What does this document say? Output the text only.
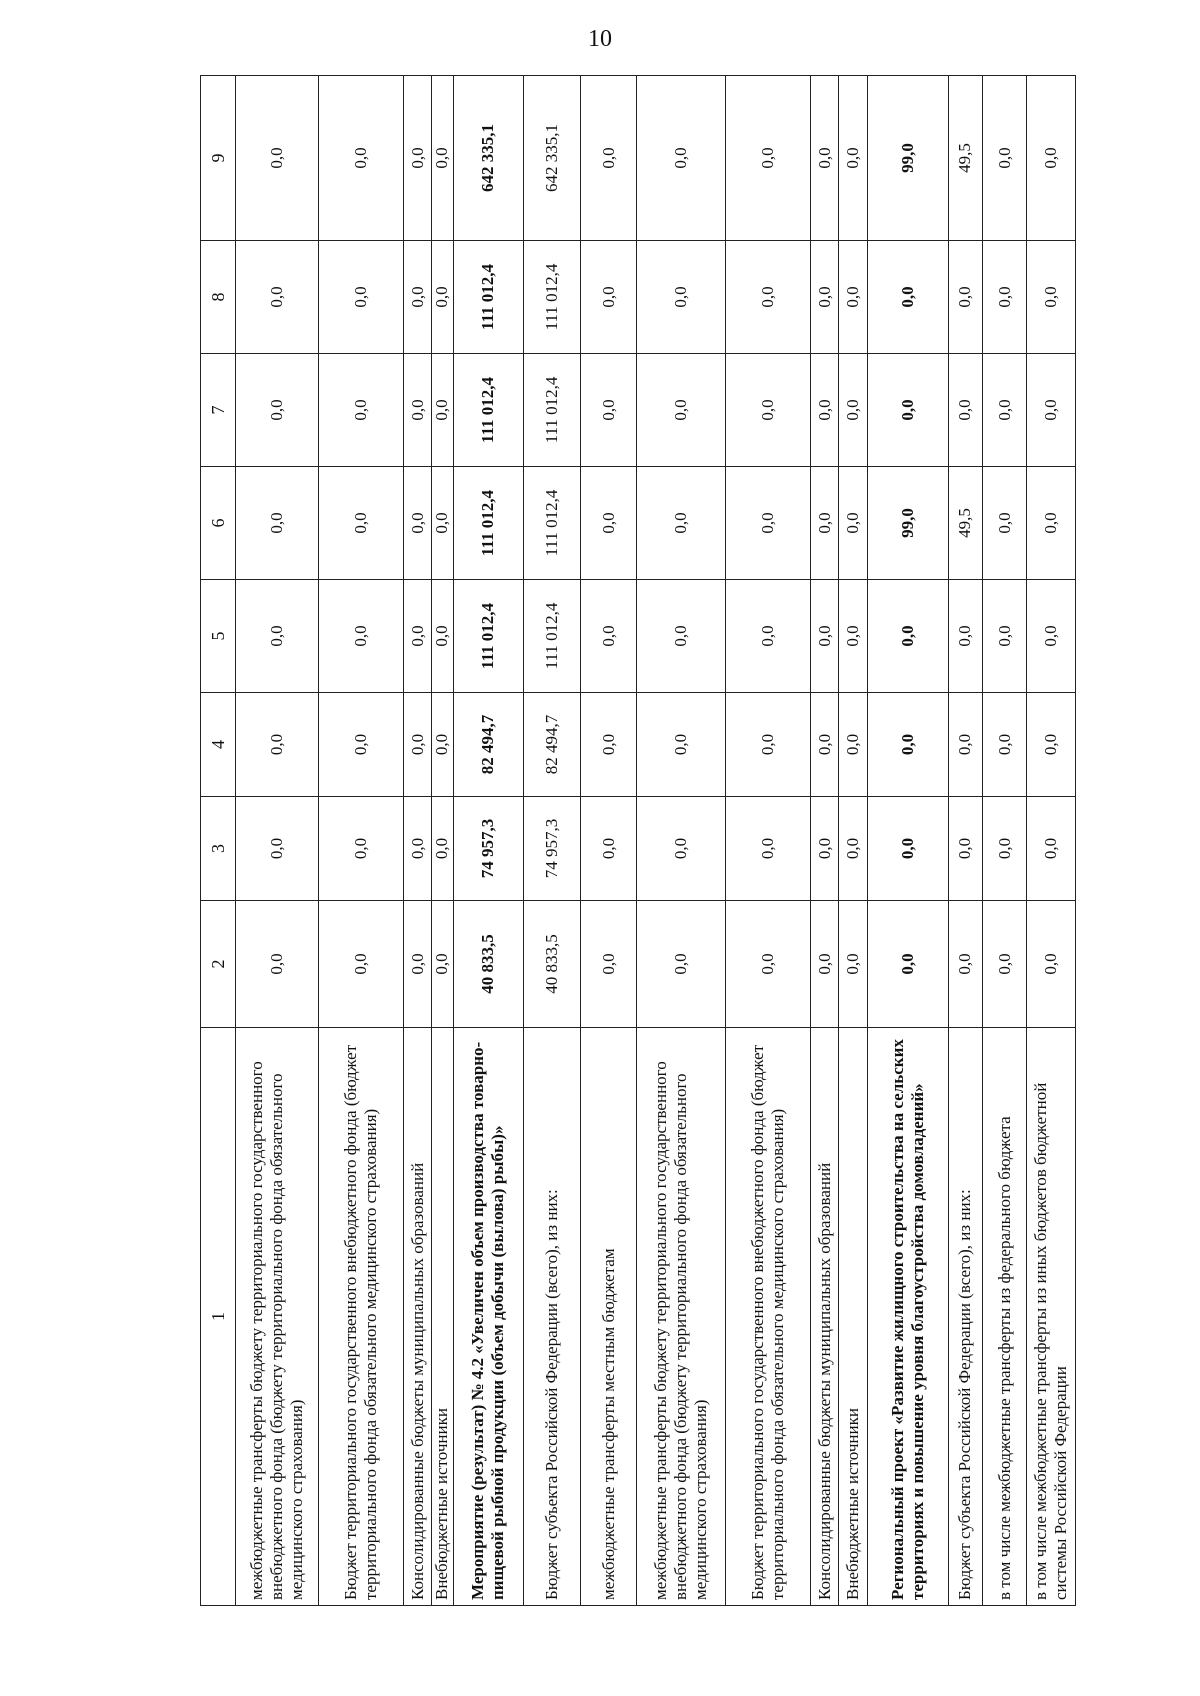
10
1	2	3	4	5	6	7	8	9
межбюджетные трансферты бюджету территориального государственного внебюджетного фонда (бюджету территориального фонда обязательного медицинского страхования)	0,0	0,0	0,0	0,0	0,0	0,0	0,0	0,0
Бюджет территориального государственного внебюджетного фонда (бюджет территориального фонда обязательного медицинского страхования)	0,0	0,0	0,0	0,0	0,0	0,0	0,0	0,0
Консолидированные бюджеты муниципальных образований	0,0	0,0	0,0	0,0	0,0	0,0	0,0	0,0
Внебюджетные источники	0,0	0,0	0,0	0,0	0,0	0,0	0,0	0,0
Мероприятие (результат) № 4.2 «Увеличен объем производства товарно-пищевой рыбной продукции (объем добычи (вылова) рыбы)»	40 833,5	74 957,3	82 494,7	111 012,4	111 012,4	111 012,4	111 012,4	642 335,1
Бюджет субъекта Российской Федерации (всего), из них:	40 833,5	74 957,3	82 494,7	111 012,4	111 012,4	111 012,4	111 012,4	642 335,1
межбюджетные трансферты местным бюджетам	0,0	0,0	0,0	0,0	0,0	0,0	0,0	0,0
межбюджетные трансферты бюджету территориального государственного внебюджетного фонда (бюджету территориального фонда обязательного медицинского страхования)	0,0	0,0	0,0	0,0	0,0	0,0	0,0	0,0
Бюджет территориального государственного внебюджетного фонда (бюджет территориального фонда обязательного медицинского страхования)	0,0	0,0	0,0	0,0	0,0	0,0	0,0	0,0
Консолидированные бюджеты муниципальных образований	0,0	0,0	0,0	0,0	0,0	0,0	0,0	0,0
Внебюджетные источники	0,0	0,0	0,0	0,0	0,0	0,0	0,0	0,0
Региональный проект «Развитие жилищного строительства на сельских территориях и повышение уровня благоустройства домовладений»	0,0	0,0	0,0	0,0	99,0	0,0	0,0	99,0
Бюджет субъекта Российской Федерации (всего), из них:	0,0	0,0	0,0	0,0	49,5	0,0	0,0	49,5
в том числе межбюджетные трансферты из федерального бюджета	0,0	0,0	0,0	0,0	0,0	0,0	0,0	0,0
в том числе межбюджетные трансферты из иных бюджетов бюджетной системы Российской Федерации	0,0	0,0	0,0	0,0	0,0	0,0	0,0	0,0
